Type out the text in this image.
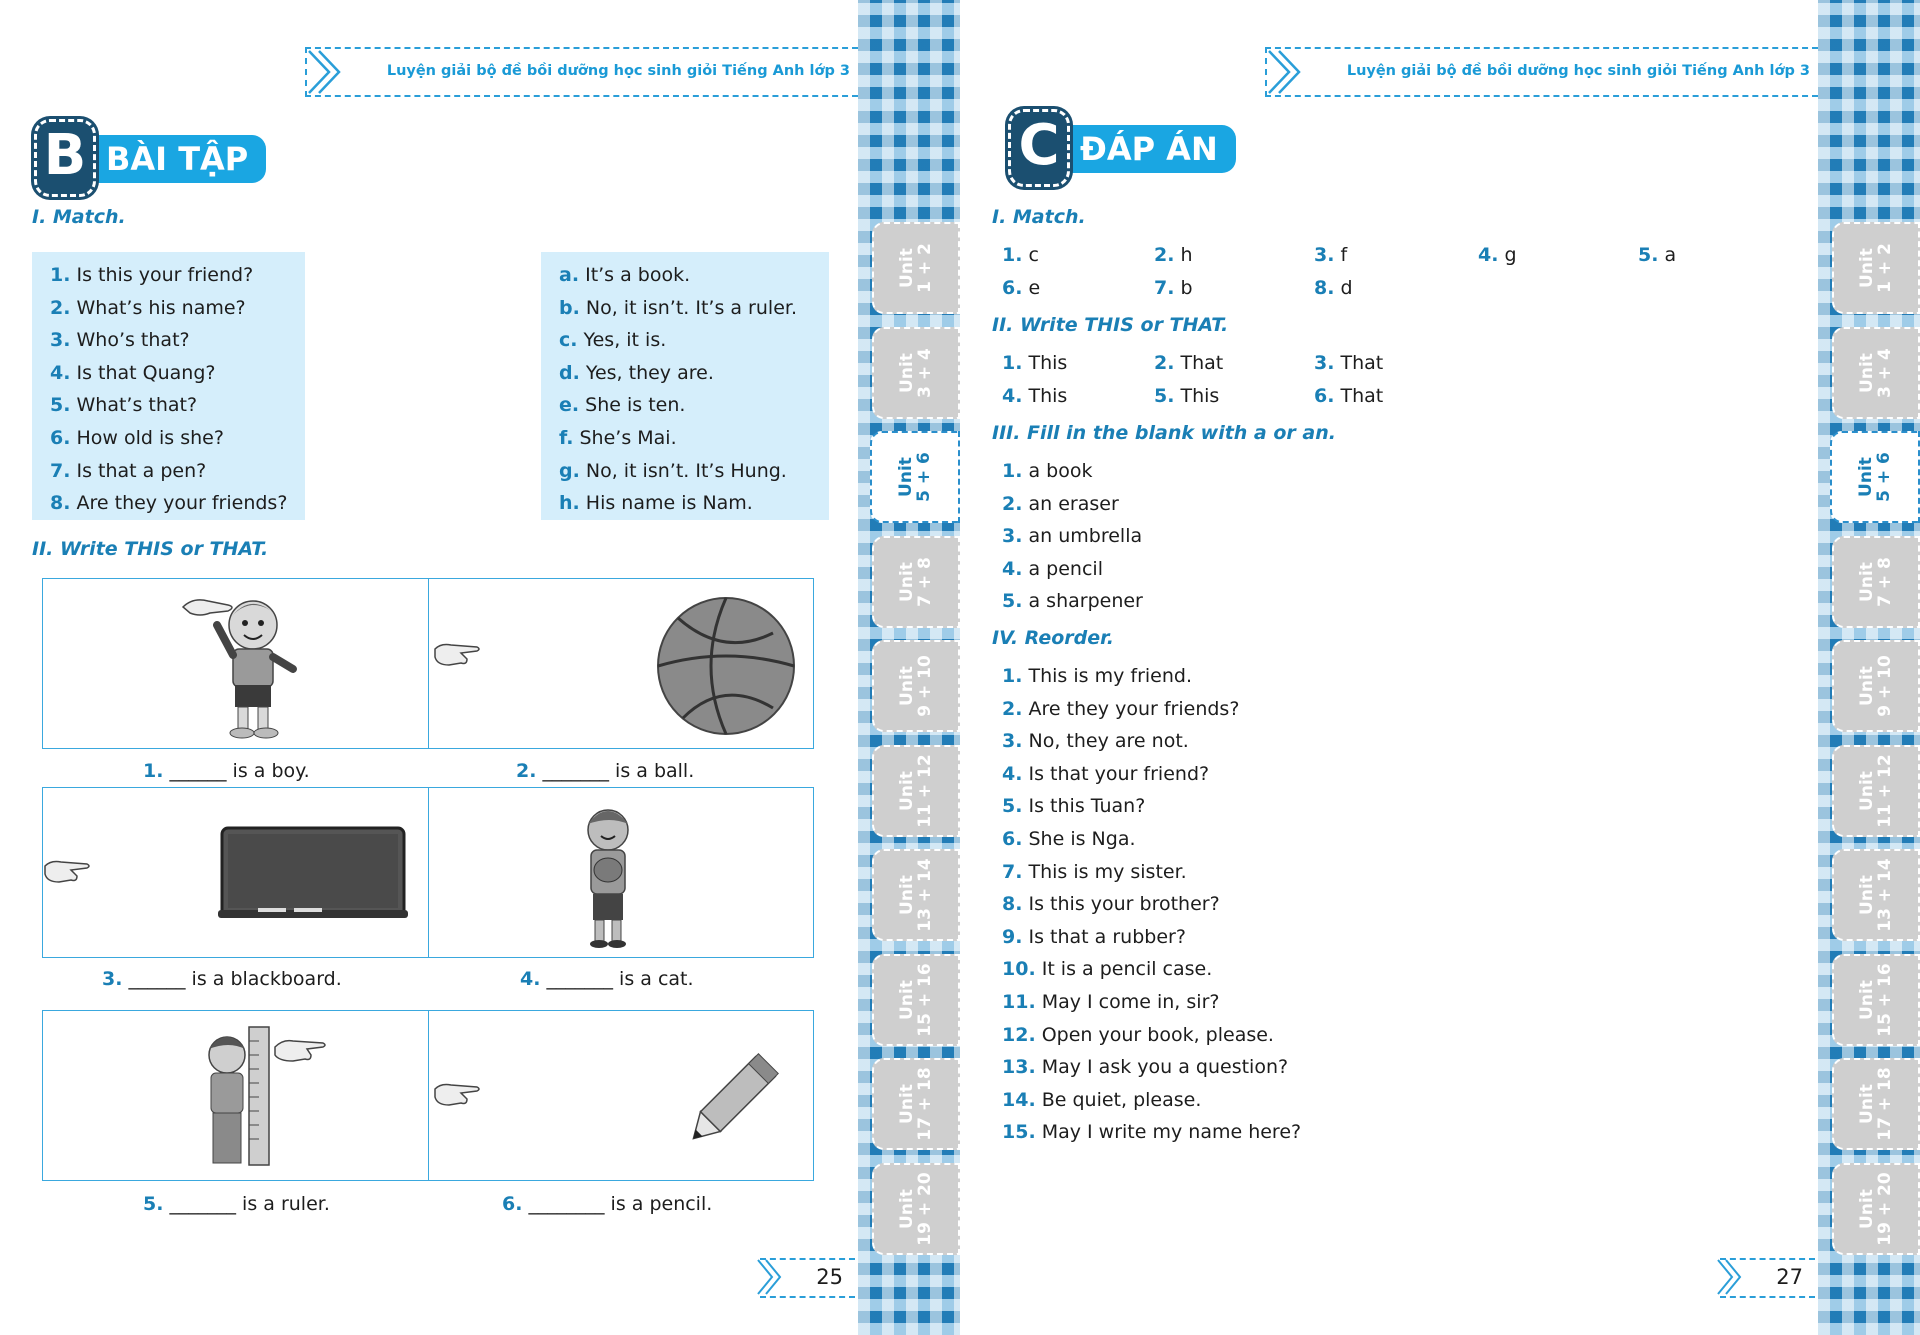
Unit
1 + 2
Unit
3 + 4
Unit
5 + 6
Unit
7 + 8
Unit
9 + 10
Unit
11 + 12
Unit
13 + 14
Unit
15 + 16
Unit
17 + 18
Unit
19 + 20
Luyện giải bộ đề bồi dưỡng học sinh giỏi Tiếng Anh lớp 3
B BÀI TẬP
I. Match.
1. Is this your friend?
2. What’s his name?
3. Who’s that?
4. Is that Quang?
5. What’s that?
6. How old is she?
7. Is that a pen?
8. Are they your friends?
a. It’s a book.
b. No, it isn’t. It’s a ruler.
c. Yes, it is.
d. Yes, they are.
e. She is ten.
f. She’s Mai.
g. No, it isn’t. It’s Hung.
h. His name is Nam.
II. Write THIS or THAT.
1. ______ is a boy.	2. _______ is a ball.
3. ______ is a blackboard.	4. _______ is a cat.
5. _______ is a ruler.	6. ________ is a pencil.
25
Unit
1 + 2
Unit
3 + 4
Unit
5 + 6
Unit
7 + 8
Unit
9 + 10
Unit
11 + 12
Unit
13 + 14
Unit
15 + 16
Unit
17 + 18
Unit
19 + 20
Luyện giải bộ đề bồi dưỡng học sinh giỏi Tiếng Anh lớp 3
C ĐÁP ÁN
I. Match.
1. c	2. h	3. f	4. g	5. a
6. e	7. b	8. d
II. Write THIS or THAT.
1. This	2. That	3. That
4. This	5. This	6. That
III. Fill in the blank with a or an.
1. a book
2. an eraser
3. an umbrella
4. a pencil
5. a sharpener
IV. Reorder.
1. This is my friend.
2. Are they your friends?
3. No, they are not.
4. Is that your friend?
5. Is this Tuan?
6. She is Nga.
7. This is my sister.
8. Is this your brother?
9. Is that a rubber?
10. It is a pencil case.
11. May I come in, sir?
12. Open your book, please.
13. May I ask you a question?
14. Be quiet, please.
15. May I write my name here?
27
